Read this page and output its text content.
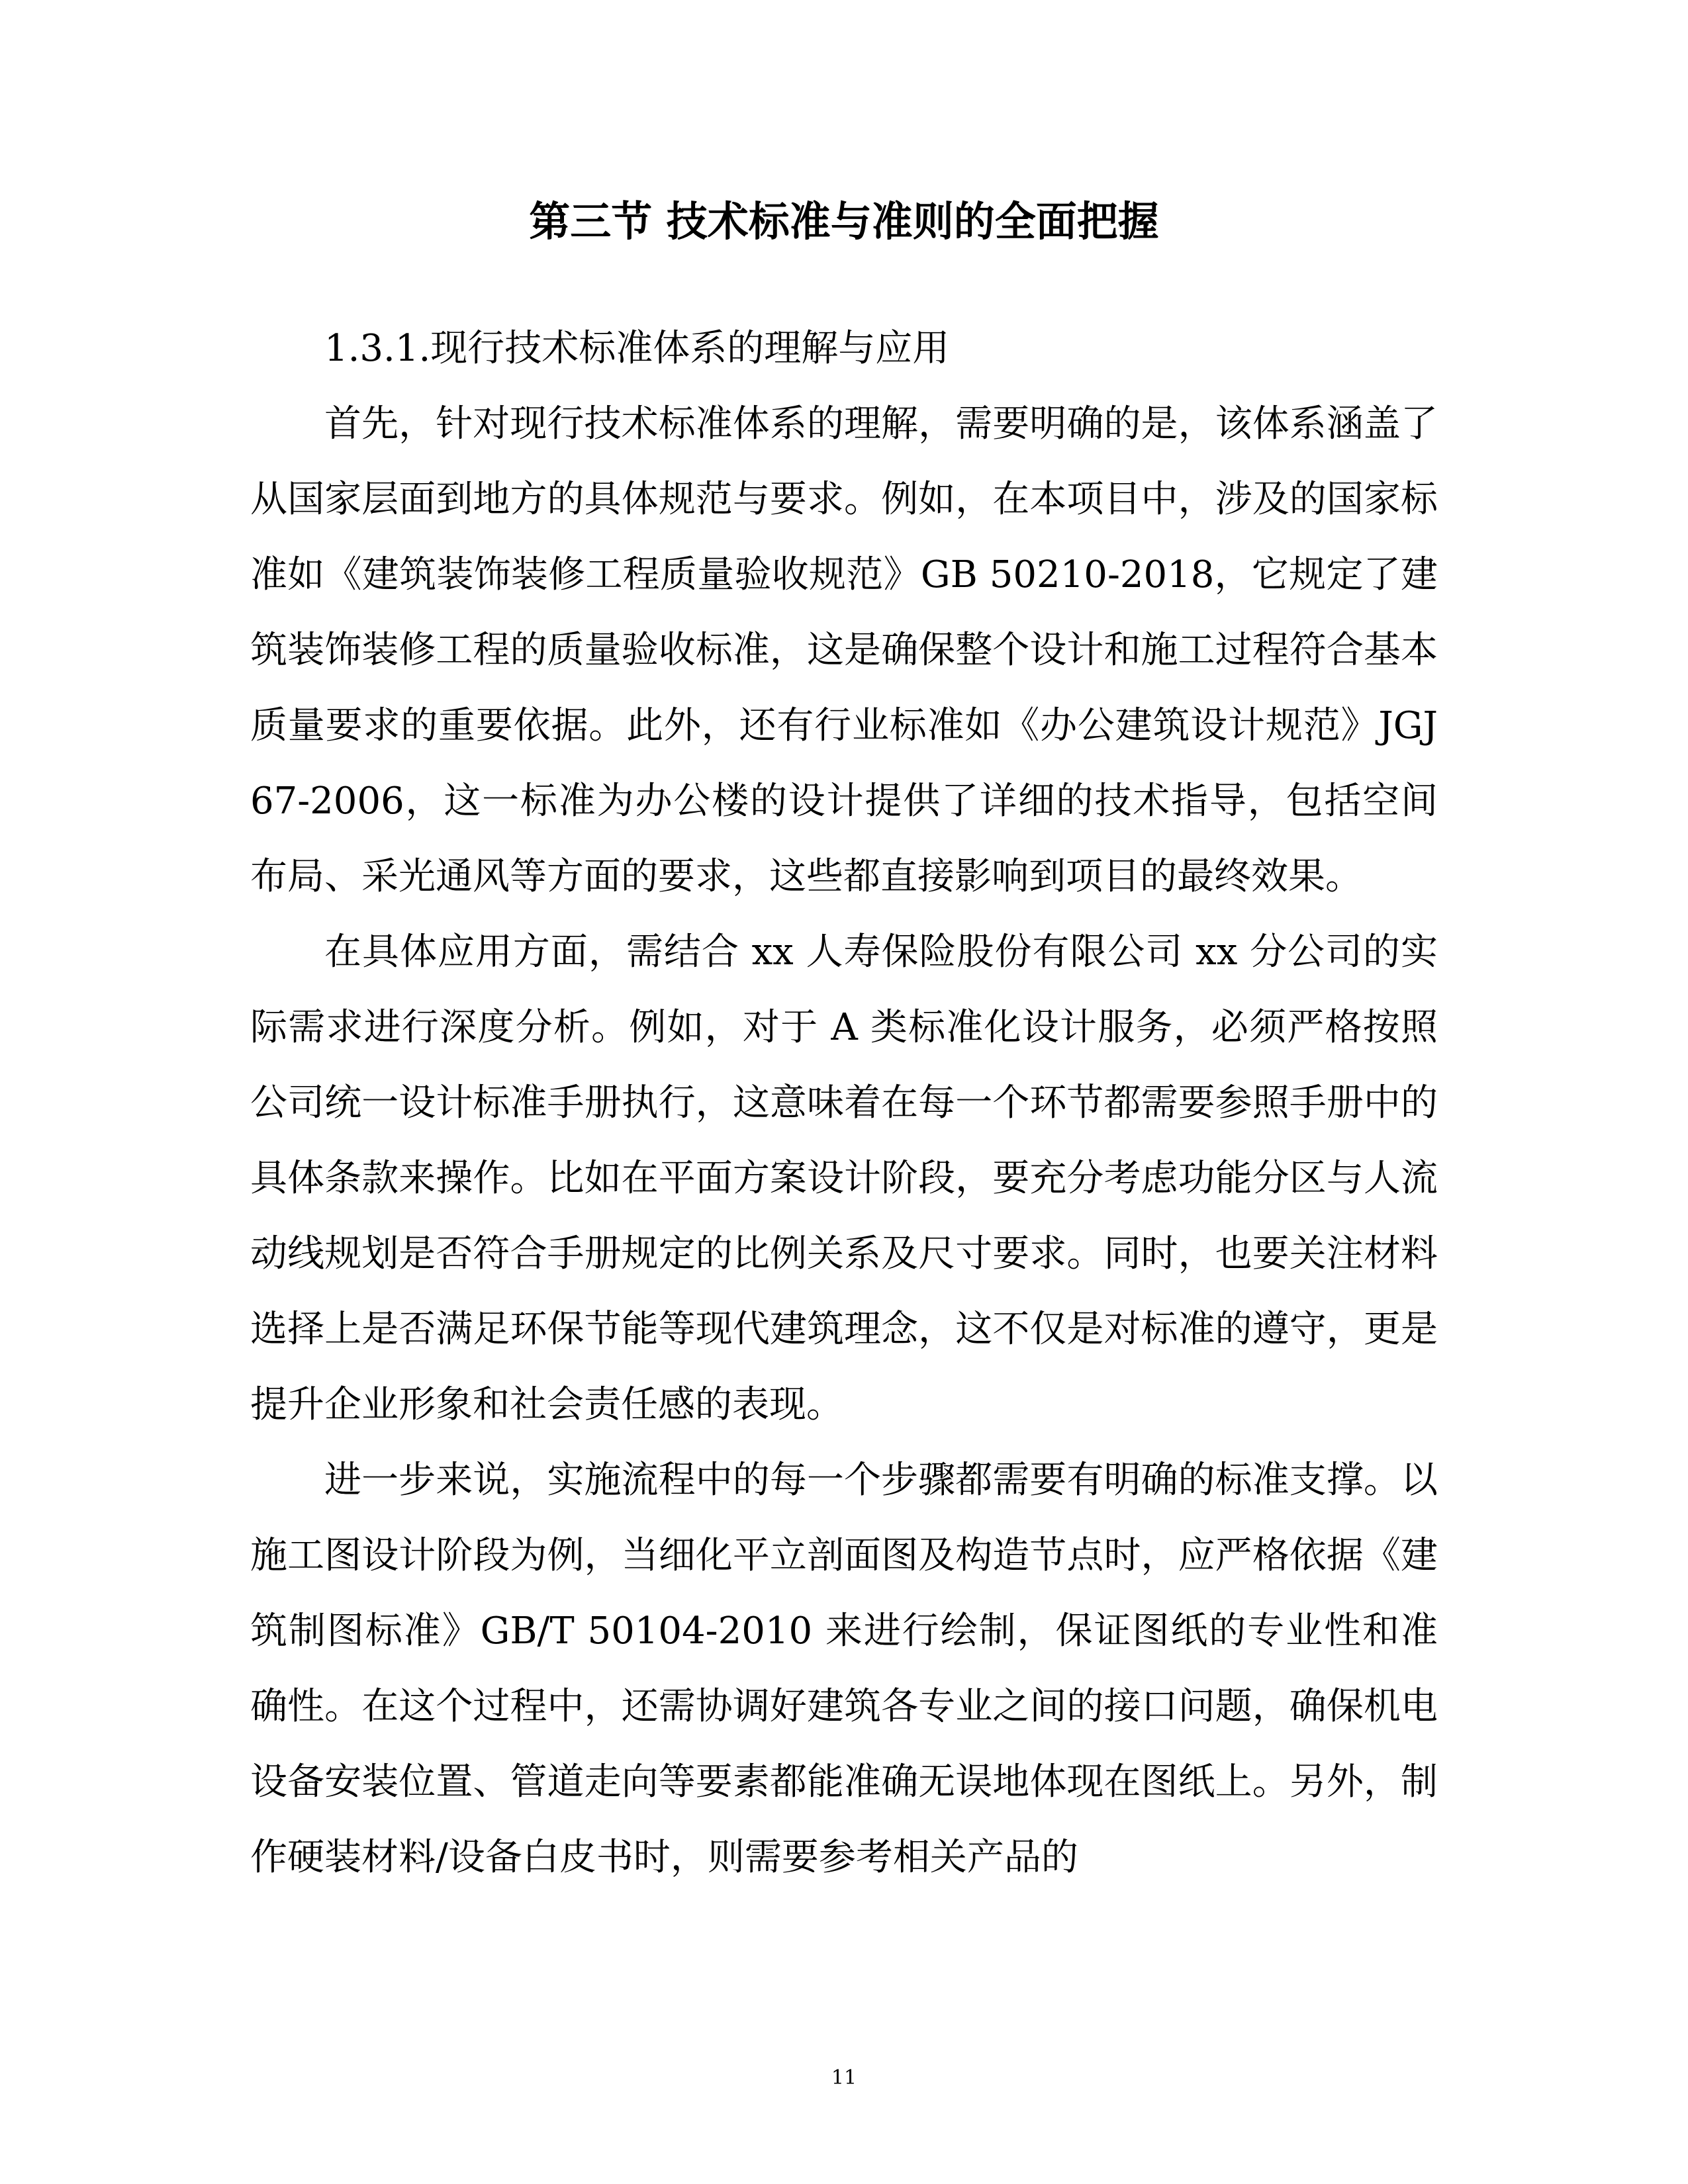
第三节 技术标准与准则的全面把握

1.3.1.现行技术标准体系的理解与应用

首先，针对现行技术标准体系的理解，需要明确的是，该体系涵盖了从国家层面到地方的具体规范与要求。例如，在本项目中，涉及的国家标准如《建筑装饰装修工程质量验收规范》GB 50210-2018，它规定了建筑装饰装修工程的质量验收标准，这是确保整个设计和施工过程符合基本质量要求的重要依据。此外，还有行业标准如《办公建筑设计规范》JGJ 67-2006，这一标准为办公楼的设计提供了详细的技术指导，包括空间布局、采光通风等方面的要求，这些都直接影响到项目的最终效果。

在具体应用方面，需结合 xx 人寿保险股份有限公司 xx 分公司的实际需求进行深度分析。例如，对于 A 类标准化设计服务，必须严格按照公司统一设计标准手册执行，这意味着在每一个环节都需要参照手册中的具体条款来操作。比如在平面方案设计阶段，要充分考虑功能分区与人流动线规划是否符合手册规定的比例关系及尺寸要求。同时，也要关注材料选择上是否满足环保节能等现代建筑理念，这不仅是对标准的遵守，更是提升企业形象和社会责任感的表现。

进一步来说，实施流程中的每一个步骤都需要有明确的标准支撑。以施工图设计阶段为例，当细化平立剖面图及构造节点时，应严格依据《建筑制图标准》GB/T 50104-2010 来进行绘制，保证图纸的专业性和准确性。在这个过程中，还需协调好建筑各专业之间的接口问题，确保机电设备安装位置、管道走向等要素都能准确无误地体现在图纸上。另外，制作硬装材料/设备白皮书时，则需要参考相关产品的

11
